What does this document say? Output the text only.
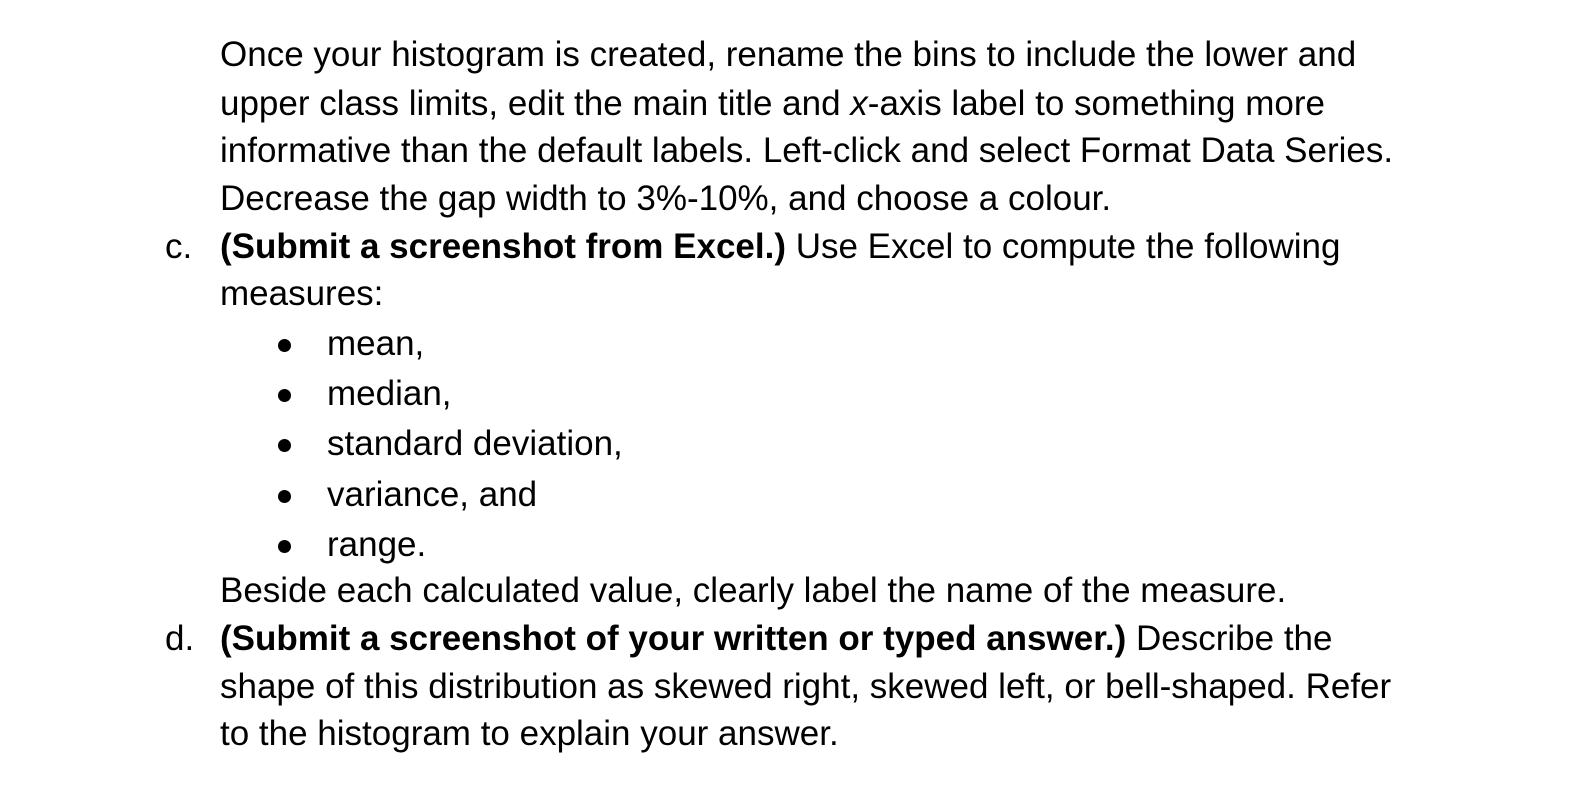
Once your histogram is created, rename the bins to include the lower and
upper class limits, edit the main title and x-axis label to something more
informative than the default labels. Left-click and select Format Data Series.
Decrease the gap width to 3%-10%, and choose a colour.
c. (Submit a screenshot from Excel.) Use Excel to compute the following
measures:
mean,
median,
standard deviation,
variance, and
range.
Beside each calculated value, clearly label the name of the measure.
d. (Submit a screenshot of your written or typed answer.) Describe the
shape of this distribution as skewed right, skewed left, or bell-shaped. Refer
to the histogram to explain your answer.
